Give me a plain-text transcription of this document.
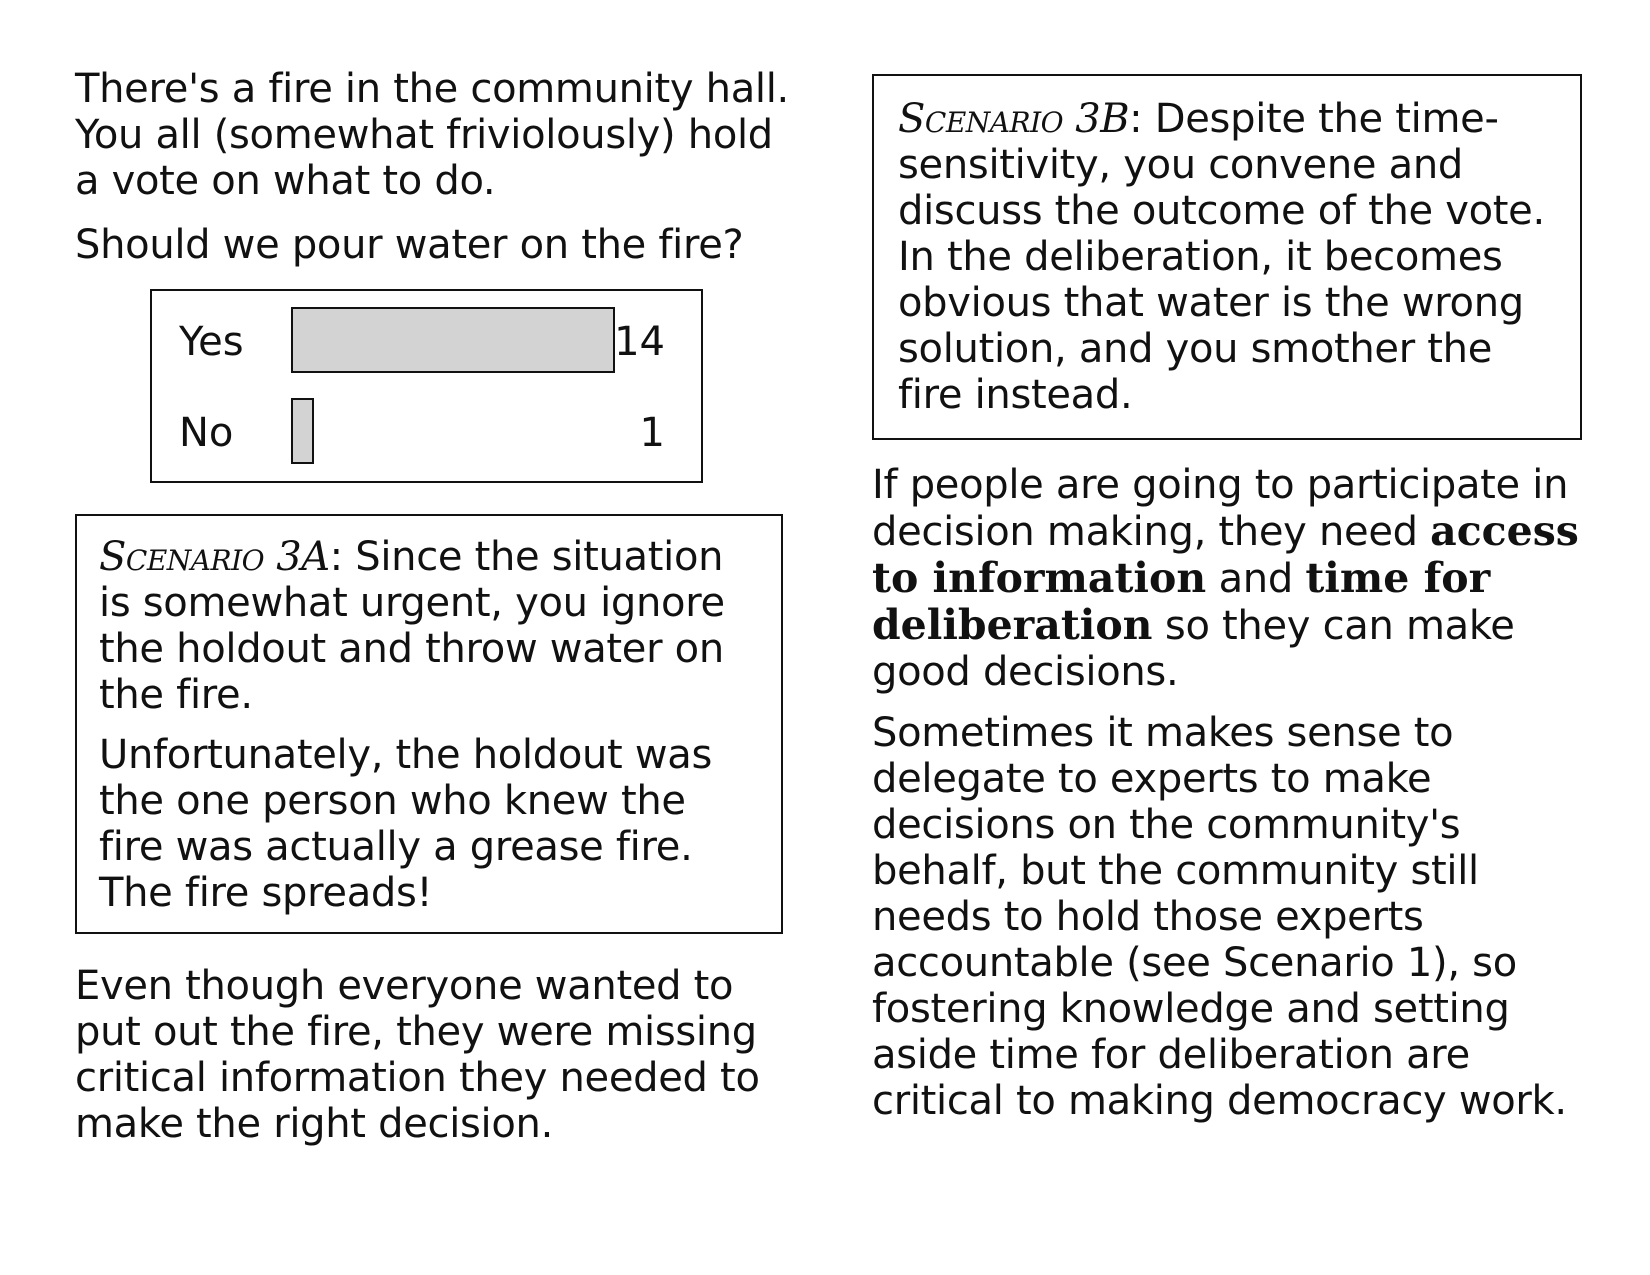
There's a fire in the community hall. You all (somewhat friviolously) hold a vote on what to do.

Should we pour water on the fire?

Yes	14
No	1

Scenario 3A: Since the situation is somewhat urgent, you ignore the holdout and throw water on the fire.

Unfortunately, the holdout was the one person who knew the fire was actually a grease fire. The fire spreads!

Even though everyone wanted to put out the fire, they were missing critical information they needed to make the right decision.

Scenario 3B: Despite the time-sensitivity, you convene and discuss the outcome of the vote. In the deliberation, it becomes obvious that water is the wrong solution, and you smother the fire instead.

If people are going to participate in decision making, they need access to information and time for deliberation so they can make good decisions.

Sometimes it makes sense to delegate to experts to make decisions on the community's behalf, but the community still needs to hold those experts accountable (see Scenario 1), so fostering knowledge and setting aside time for deliberation are critical to making democracy work.
